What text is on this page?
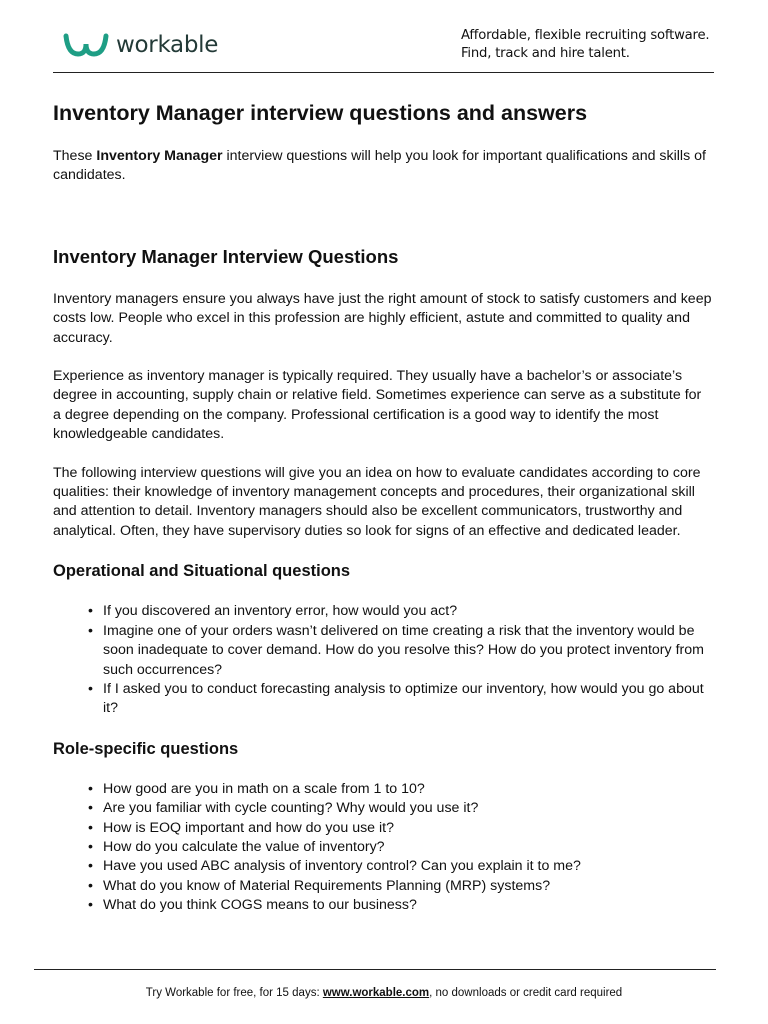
workable	Affordable, flexible recruiting software.
Find, track and hire talent.
Inventory Manager interview questions and answers

These Inventory Manager interview questions will help you look for important qualifications and skills of candidates.

Inventory Manager Interview Questions

Inventory managers ensure you always have just the right amount of stock to satisfy customers and keep costs low. People who excel in this profession are highly efficient, astute and committed to quality and accuracy.

Experience as inventory manager is typically required. They usually have a bachelor’s or associate’s degree in accounting, supply chain or relative field. Sometimes experience can serve as a substitute for a degree depending on the company. Professional certification is a good way to identify the most knowledgeable candidates.

The following interview questions will give you an idea on how to evaluate candidates according to core qualities: their knowledge of inventory management concepts and procedures, their organizational skill and attention to detail. Inventory managers should also be excellent communicators, trustworthy and analytical. Often, they have supervisory duties so look for signs of an effective and dedicated leader.

Operational and Situational questions
• If you discovered an inventory error, how would you act?
• Imagine one of your orders wasn’t delivered on time creating a risk that the inventory would be soon inadequate to cover demand. How do you resolve this? How do you protect inventory from such occurrences?
• If I asked you to conduct forecasting analysis to optimize our inventory, how would you go about it?
Role-specific questions
• How good are you in math on a scale from 1 to 10?
• Are you familiar with cycle counting? Why would you use it?
• How is EOQ important and how do you use it?
• How do you calculate the value of inventory?
• Have you used ABC analysis of inventory control? Can you explain it to me?
• What do you know of Material Requirements Planning (MRP) systems?
• What do you think COGS means to our business?
Try Workable for free, for 15 days: www.workable.com, no downloads or credit card required
